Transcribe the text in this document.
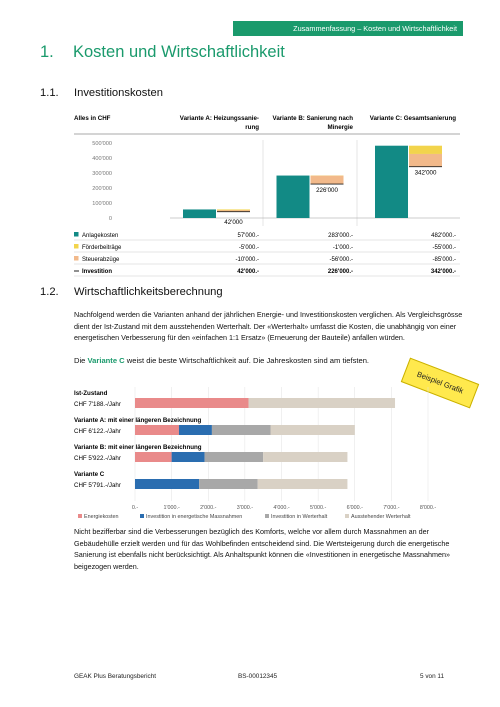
Zusammenfassung – Kosten und Wirtschaftlichkeit
1. Kosten und Wirtschaftlichkeit
1.1. Investitionskosten
Alles in CHF	Variante A: Heizungssanie-
rung
Variante B: Sanierung nach
Minergie
Variante C: Gesamtsanierung
500'000
400'000
300'000
200'000
100'000
0	42'000
226'000
342'000
Anlagekosten	57'000.-	283'000.-	482'000.-
Förderbeiträge	-5'000.-	-1'000.-	-55'000.-
Steuerabzüge	-10'000.-	-56'000.-	-85'000.-
Investition	42'000.-	226'000.-	342'000.-
1.2. Wirtschaftlichkeitsberechnung
Nachfolgend werden die Varianten anhand der jährlichen Energie- und Investitionskosten verglichen. Als Vergleichsgrösse dient der Ist-Zustand mit dem ausstehenden Werterhalt. Der «Werterhalt» umfasst die Kosten, die unabhängig von einer energetischen Verbesserung für den «einfachen 1:1 Ersatz» (Erneuerung der Bauteile) anfallen würden.
Die Variante C weist die beste Wirtschaftlichkeit auf. Die Jahreskosten sind am tiefsten.
Beispiel Grafik
0.-	1'000.-	2'000.-	3'000.-	4'000.-	5'000.-	6'000.-	7'000.-	8'000.-
Ist-Zustand
CHF 7'188.-/Jahr
Variante A: mit einer längeren Bezeichnung
CHF 6'122.-/Jahr
Variante B: mit einer längeren Bezeichnung
CHF 5'922.-/Jahr
Variante C
CHF 5'791.-/Jahr
Energiekosten	Investition in energetische Massnahmen	Investition in Werterhalt	Ausstehender Werterhalt
Nicht bezifferbar sind die Verbesserungen bezüglich des Komforts, welche vor allem durch Massnahmen an der Gebäudehülle erzielt werden und für das Wohlbefinden entscheidend sind. Die Wertsteigerung durch die energetische Sanierung ist ebenfalls nicht berücksichtigt. Als Anhaltspunkt können die «Investitionen in energetische Massnahmen» beigezogen werden.
GEAK Plus Beratungsbericht	BS-00012345	5 von 11
